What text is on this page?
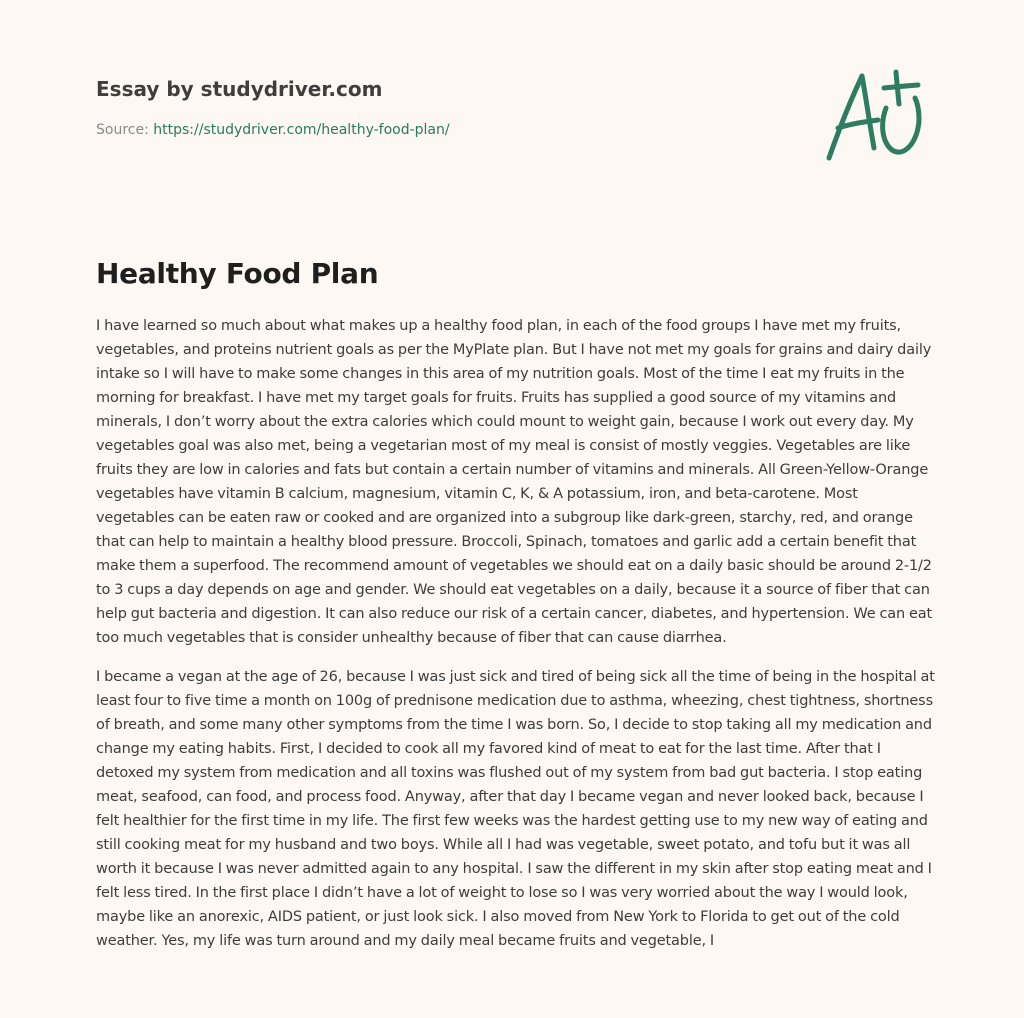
Essay by studydriver.com
Source: https://studydriver.com/healthy-food-plan/
Healthy Food Plan

I have learned so much about what makes up a healthy food plan, in each of the food groups I have met my fruits, vegetables, and proteins nutrient goals as per the MyPlate plan. But I have not met my goals for grains and dairy daily intake so I will have to make some changes in this area of my nutrition goals. Most of the time I eat my fruits in the morning for breakfast. I have met my target goals for fruits. Fruits has supplied a good source of my vitamins and minerals, I don’t worry about the extra calories which could mount to weight gain, because I work out every day. My vegetables goal was also met, being a vegetarian most of my meal is consist of mostly veggies. Vegetables are like fruits they are low in calories and fats but contain a certain number of vitamins and minerals. All Green-Yellow-Orange vegetables have vitamin B calcium, magnesium, vitamin C, K, & A potassium, iron, and beta-carotene. Most vegetables can be eaten raw or cooked and are organized into a subgroup like dark-green, starchy, red, and orange that can help to maintain a healthy blood pressure. Broccoli, Spinach, tomatoes and garlic add a certain benefit that make them a superfood. The recommend amount of vegetables we should eat on a daily basic should be around 2-1/2 to 3 cups a day depends on age and gender. We should eat vegetables on a daily, because it a source of fiber that can help gut bacteria and digestion. It can also reduce our risk of a certain cancer, diabetes, and hypertension. We can eat too much vegetables that is consider unhealthy because of fiber that can cause diarrhea.

I became a vegan at the age of 26, because I was just sick and tired of being sick all the time of being in the hospital at least four to five time a month on 100g of prednisone medication due to asthma, wheezing, chest tightness, shortness of breath, and some many other symptoms from the time I was born. So, I decide to stop taking all my medication and change my eating habits. First, I decided to cook all my favored kind of meat to eat for the last time. After that I detoxed my system from medication and all toxins was flushed out of my system from bad gut bacteria. I stop eating meat, seafood, can food, and process food. Anyway, after that day I became vegan and never looked back, because I felt healthier for the first time in my life. The first few weeks was the hardest getting use to my new way of eating and still cooking meat for my husband and two boys. While all I had was vegetable, sweet potato, and tofu but it was all worth it because I was never admitted again to any hospital. I saw the different in my skin after stop eating meat and I felt less tired. In the first place I didn’t have a lot of weight to lose so I was very worried about the way I would look, maybe like an anorexic, AIDS patient, or just look sick. I also moved from New York to Florida to get out of the cold weather. Yes, my life was turn around and my daily meal became fruits and vegetable, I
